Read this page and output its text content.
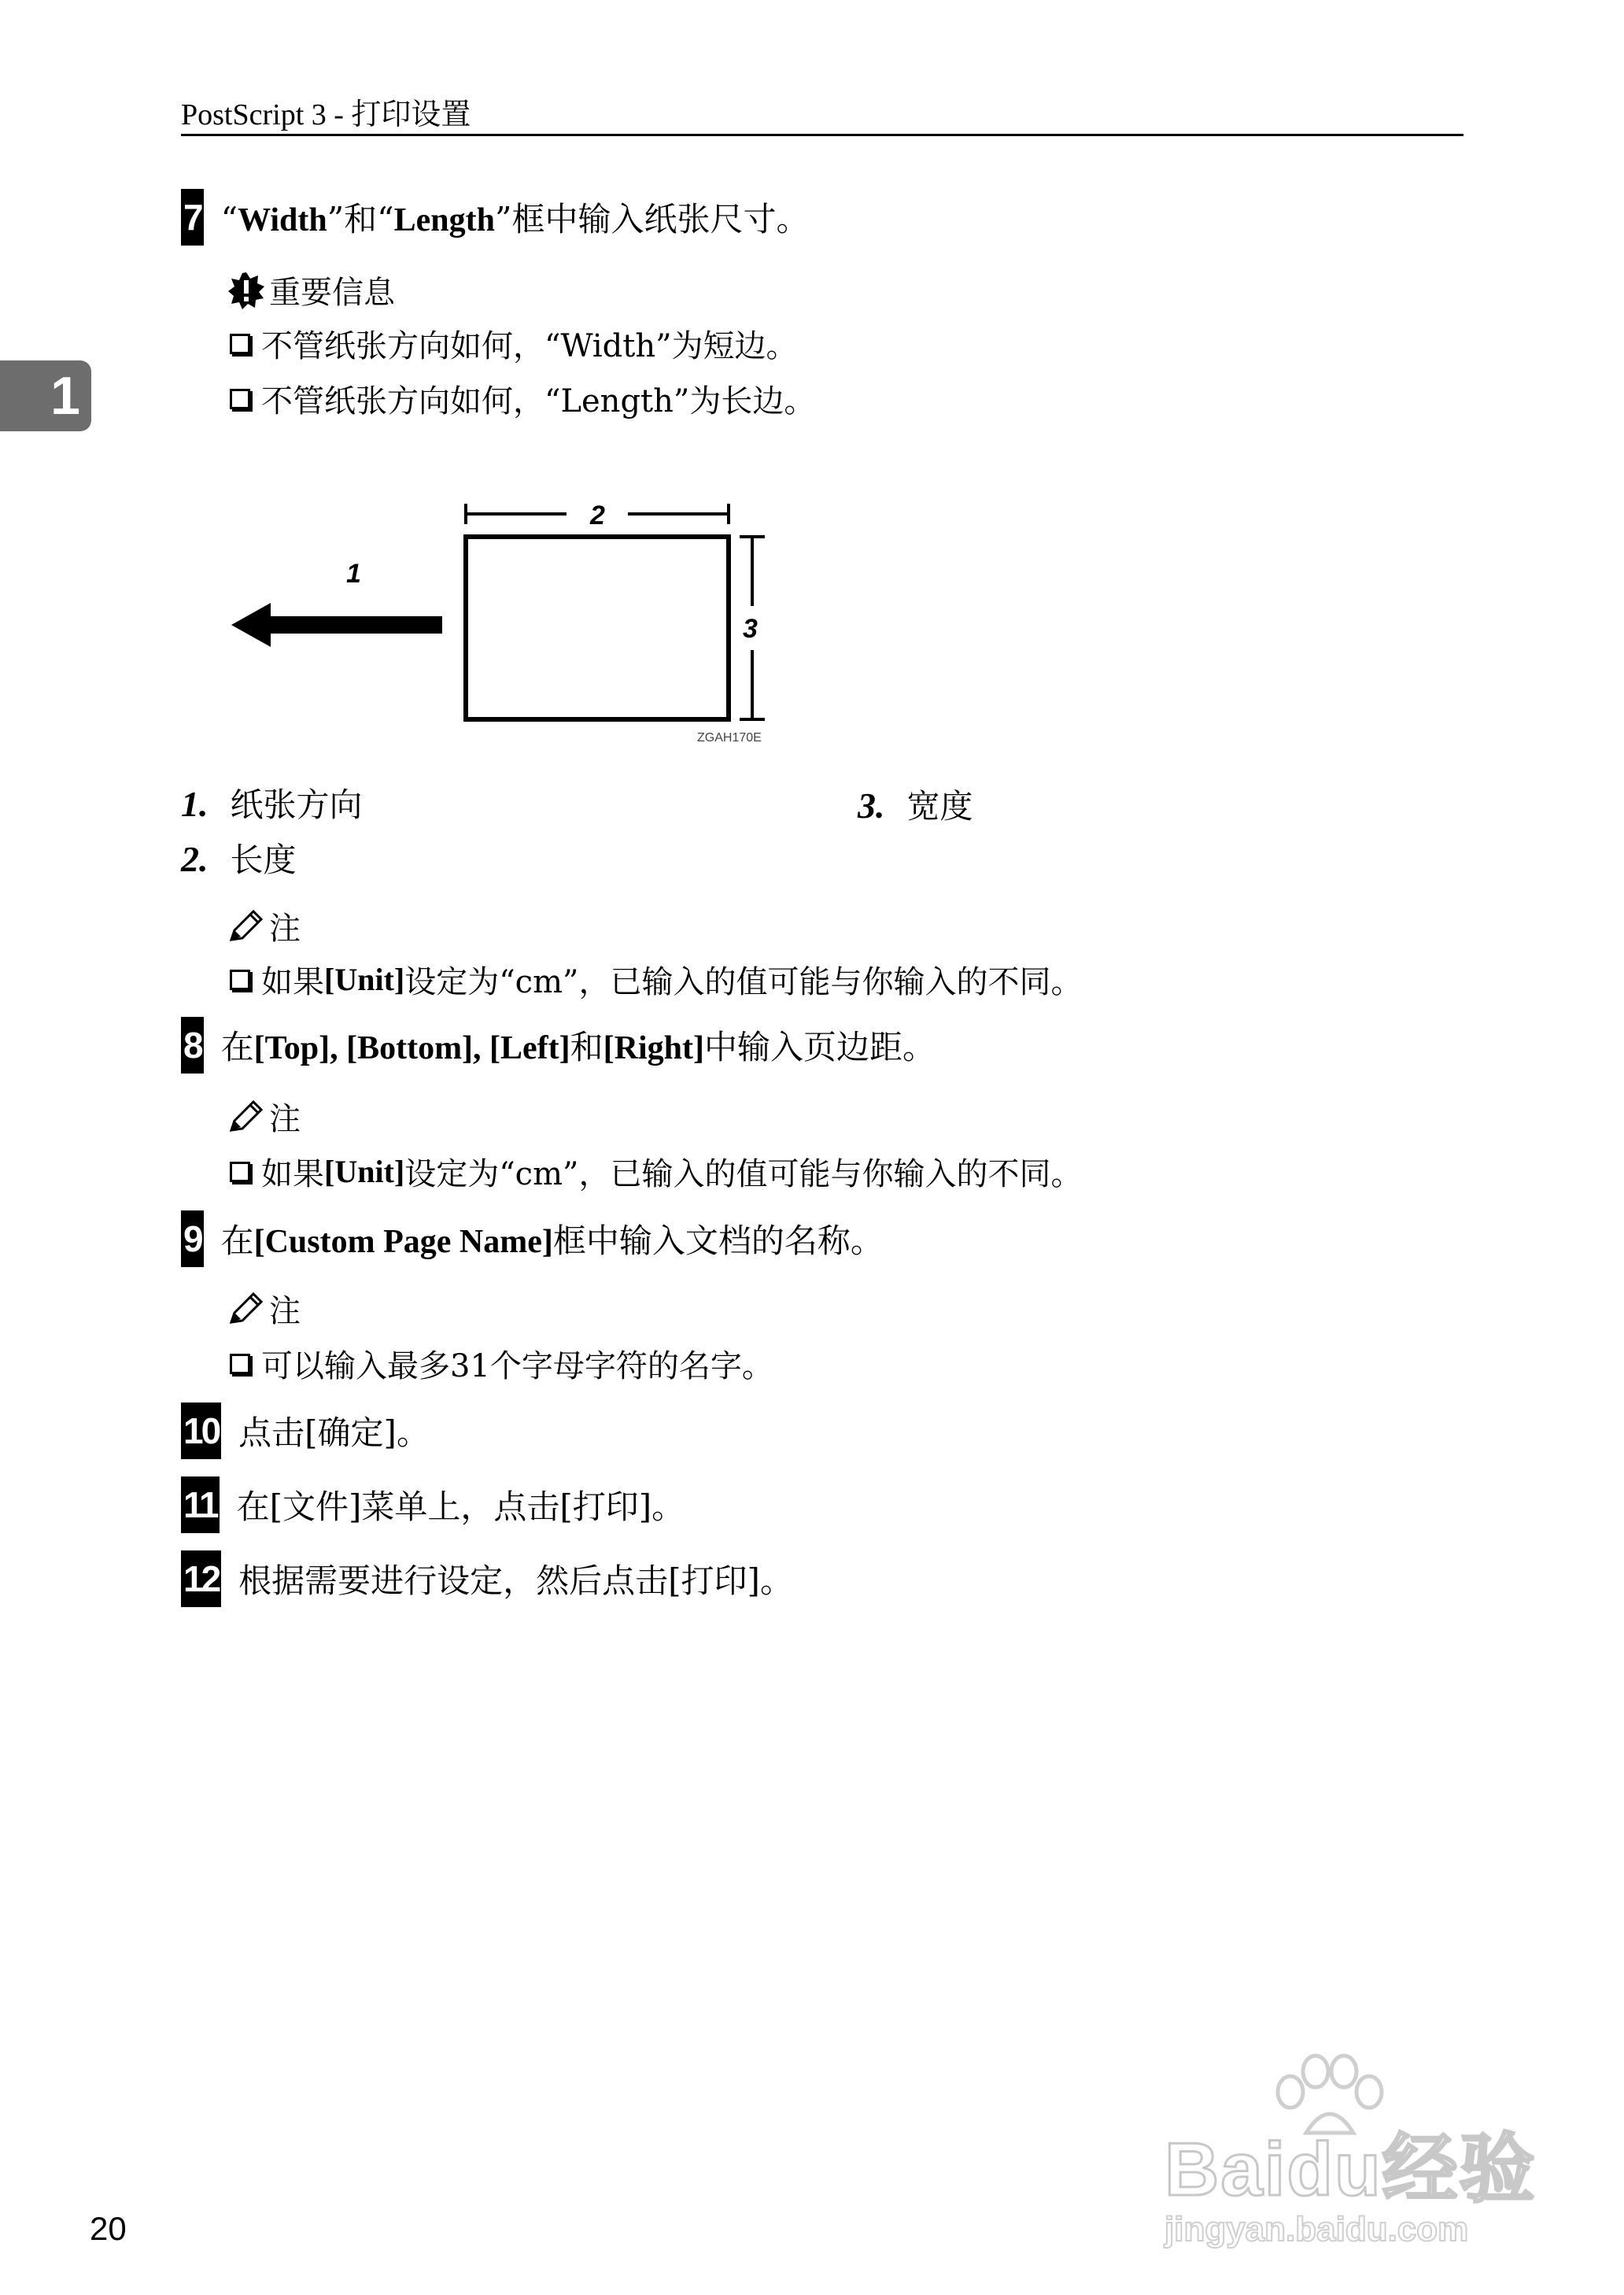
PostScript 3 - 打印设置
1
7 “Width”和“Length”框中输入纸张尺寸。
重要信息
不管纸张方向如何，“Width”为短边。
不管纸张方向如何，“Length”为长边。
1
2
3
ZGAH170E
1. 纸张方向
2. 长度
3. 宽度
注
如果 [Unit] 设定为“cm”，已输入的值可能与你输入的不同。
8 在[Top], [Bottom], [Left]和[Right]中输入页边距。
注
如果 [Unit] 设定为“cm”，已输入的值可能与你输入的不同。
9 在[Custom Page Name]框中输入文档的名称。
注
可以输入最多31个字母字符的名字。
10 点击[确定]。
11 在[文件]菜单上，点击[打印]。
12 根据需要进行设定，然后点击[打印]。
20
Baidu经验
jingyan.baidu.com
